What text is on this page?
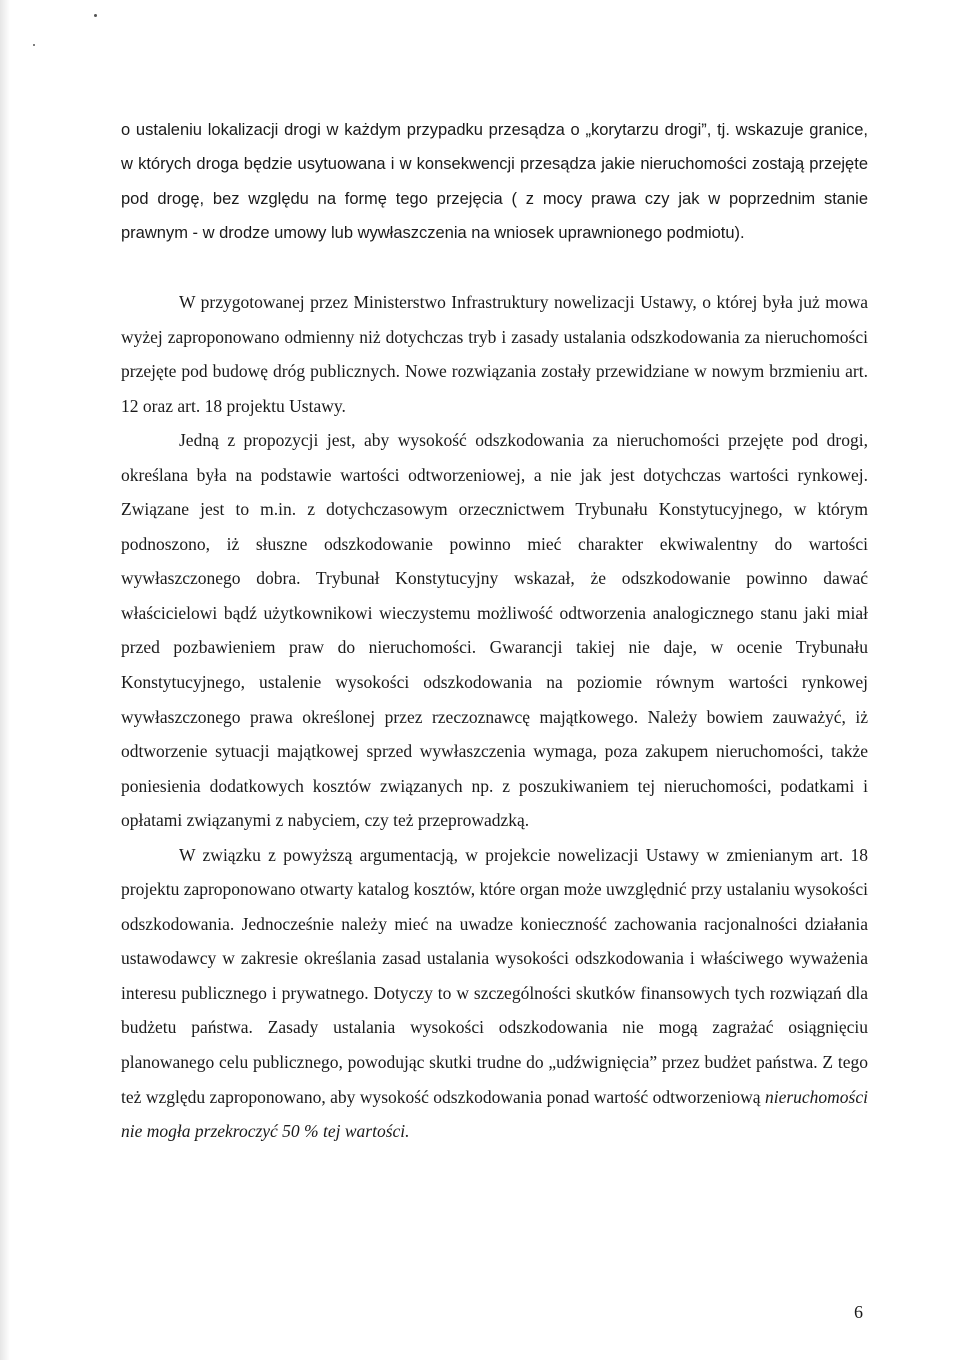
o ustaleniu lokalizacji drogi w każdym przypadku przesądza o „korytarzu drogi”, tj. wskazuje granice, w których droga będzie usytuowana i w konsekwencji przesądza jakie nieruchomości zostają przejęte pod drogę, bez względu na formę tego przejęcia ( z mocy prawa czy jak w poprzednim stanie prawnym - w drodze umowy lub wywłaszczenia na wniosek uprawnionego podmiotu).

W przygotowanej przez Ministerstwo Infrastruktury nowelizacji Ustawy, o której była już mowa wyżej zaproponowano odmienny niż dotychczas tryb i zasady ustalania odszkodowania za nieruchomości przejęte pod budowę dróg publicznych. Nowe rozwiązania zostały przewidziane w nowym brzmieniu art. 12 oraz art. 18 projektu Ustawy.

Jedną z propozycji jest, aby wysokość odszkodowania za nieruchomości przejęte pod drogi, określana była na podstawie wartości odtworzeniowej, a nie jak jest dotychczas wartości rynkowej. Związane jest to m.in. z dotychczasowym orzecznictwem Trybunału Konstytucyjnego, w którym podnoszono, iż słuszne odszkodowanie powinno mieć charakter ekwiwalentny do wartości wywłaszczonego dobra. Trybunał Konstytucyjny wskazał, że odszkodowanie powinno dawać właścicielowi bądź użytkownikowi wieczystemu możliwość odtworzenia analogicznego stanu jaki miał przed pozbawieniem praw do nieruchomości. Gwarancji takiej nie daje, w ocenie Trybunału Konstytucyjnego, ustalenie wysokości odszkodowania na poziomie równym wartości rynkowej wywłaszczonego prawa określonej przez rzeczoznawcę majątkowego. Należy bowiem zauważyć, iż odtworzenie sytuacji majątkowej sprzed wywłaszczenia wymaga, poza zakupem nieruchomości, także poniesienia dodatkowych kosztów związanych np. z poszukiwaniem tej nieruchomości, podatkami i opłatami związanymi z nabyciem, czy też przeprowadzką.

W związku z powyższą argumentacją, w projekcie nowelizacji Ustawy w zmienianym art. 18 projektu zaproponowano otwarty katalog kosztów, które organ może uwzględnić przy ustalaniu wysokości odszkodowania. Jednocześnie należy mieć na uwadze konieczność zachowania racjonalności działania ustawodawcy w zakresie określania zasad ustalania wysokości odszkodowania i właściwego wyważenia interesu publicznego i prywatnego. Dotyczy to w szczególności skutków finansowych tych rozwiązań dla budżetu państwa. Zasady ustalania wysokości odszkodowania nie mogą zagrażać osiągnięciu planowanego celu publicznego, powodując skutki trudne do „udźwignięcia” przez budżet państwa. Z tego też względu zaproponowano, aby wysokość odszkodowania ponad wartość odtworzeniową nieruchomości nie mogła przekroczyć 50 % tej wartości.

6
